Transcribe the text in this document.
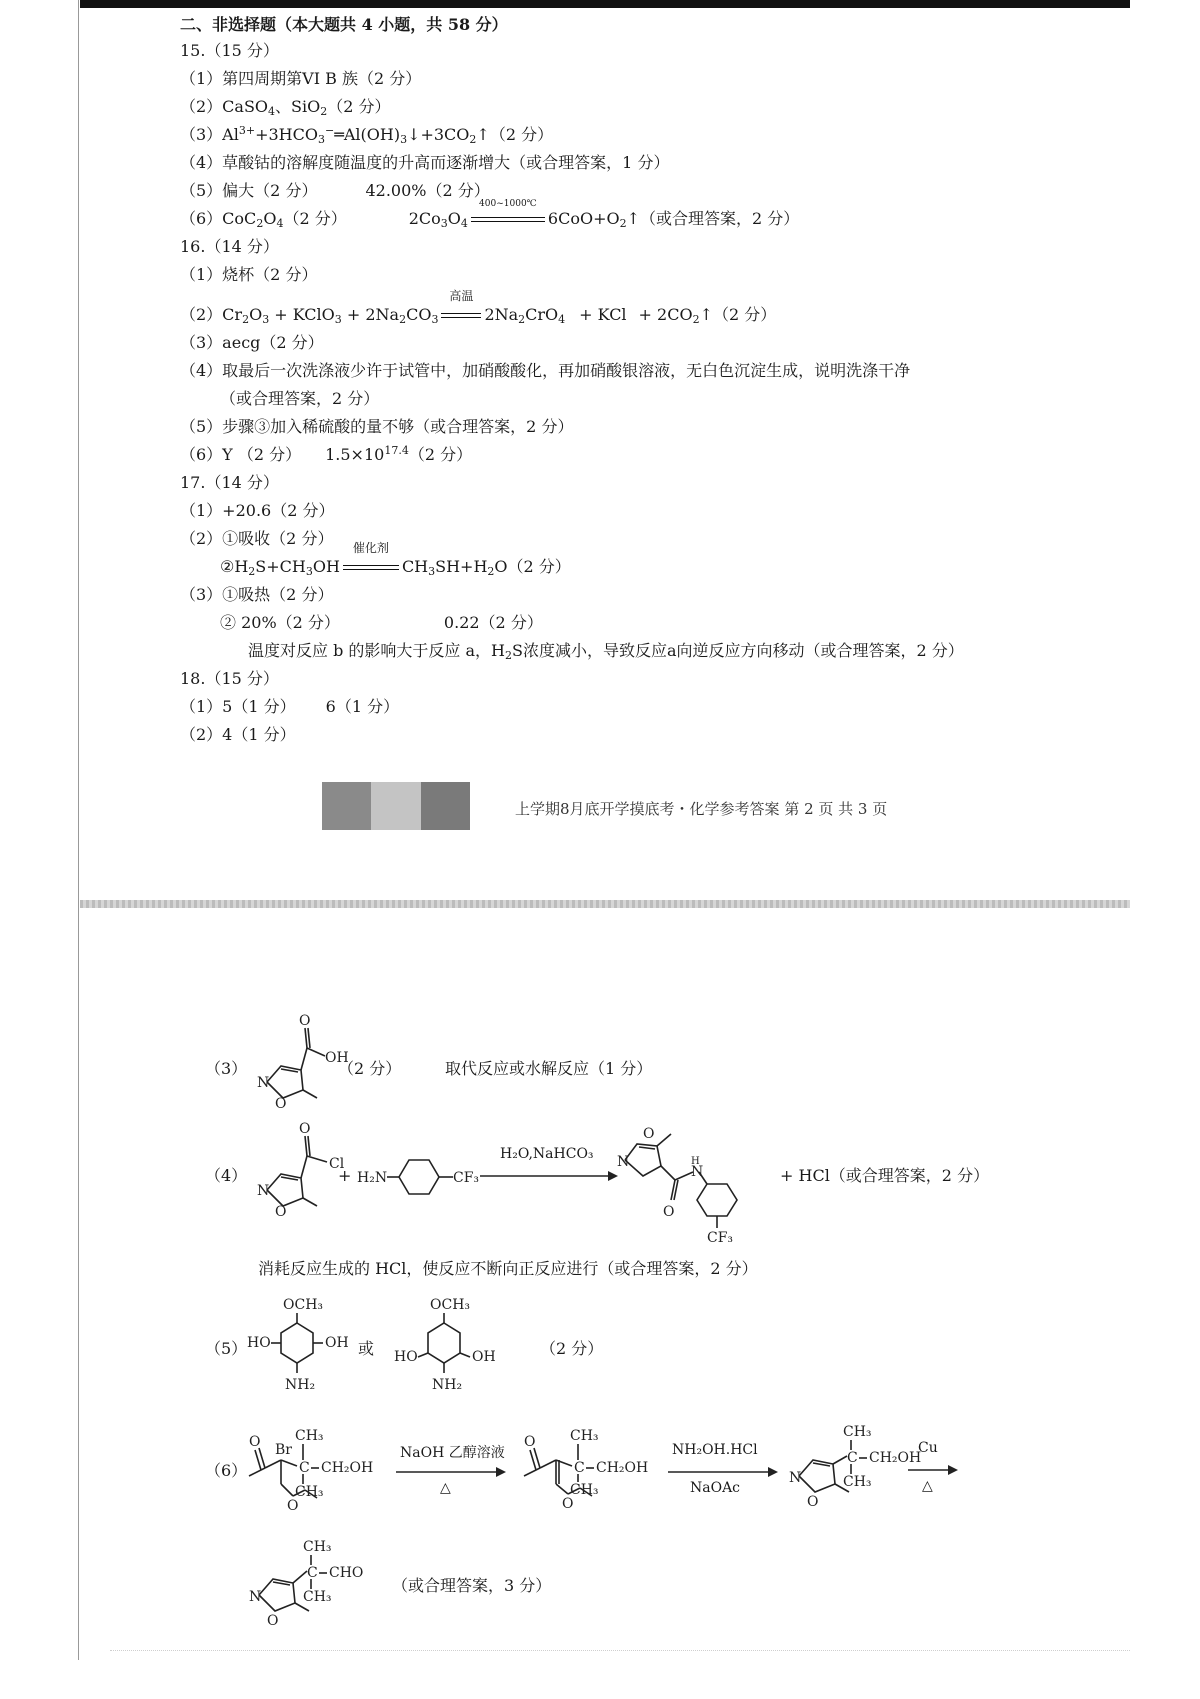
二、非选择题（本大题共 4 小题，共 58 分）
15.（15 分）
（1）第四周期第VI B 族（2 分）
（2）CaSO$_4$、SiO$_2$（2 分）
$(3)Al^{3+}+3HCO_3^-═Al(OH)_3↓+3CO_2↑(2$ 分）
（4）草酸钴的溶解度随温度的升高而逐渐增大（或合理答案，1 分）
（5）偏大（2 分）	42.00%（2 分）
$(6)CoC_2O_4(2$ 分）	$2Co_3O_4$
400~1000℃
$6CoO+O_2↑$（或合理答案，2 分）
16.（14 分）
（1）烧杯（2 分）
$(2)Cr_2O_3$ + KClO$_3$ + $2Na_2CO_3$
高温
$2Na_2CrO_4$ + KCl + $2CO_2↑(2$ 分）
（3）aecg（2 分）
（4）取最后一次洗涤液少许于试管中，加硝酸酸化，再加硝酸银溶液，无白色沉淀生成，说明洗涤干净
（或合理答案，2 分）
（5）步骤③加入稀硫酸的量不够（或合理答案，2 分）
（6）Y （2 分） $1.5\times 10^{17.4}(2$ 分）
17.（14 分）
（1）+20.6（2 分）
（2）①吸收（2 分）
$②H_2S+CH_3OH$
催化剂
$CH_3SH+H_2O(2$ 分）
（3）①吸热（2 分）
② 20%（2 分）	0.22（2 分）
温度对反应 b 的影响大于反应 a，$H_2S$浓度减小，导致反应a向逆反应方向移动（或合理答案，2 分）
18.（15 分）
（1）5（1 分） 6（1 分）
（2）4（1 分）
上学期8月底开学摸底考・化学参考答案 第 2 页 共 3 页
（3）
O
OH
N
O
（2 分）	取代反应或水解反应（1 分）
（4）
O
Cl
N
O
+ H₂N	CF₃
H₂O,NaHCO₃
O
N
O
H
N
CF₃
+ HCl（或合理答案，2 分）
消耗反应生成的 HCl，使反应不断向正反应进行（或合理答案，2 分）
（5）
OCH₃
HO	OH
NH₂
或
OCH₃
HO	OH
NH₂
（2 分）
（6）
O Br
C
CH₃
CH₃
CH₂OH
O
NaOH 乙醇溶液
△
O
C
CH₃
CH₃
CH₂OH
O
NH₂OH.HCl
NaOAc
C
CH₃
CH₃
CH₂OH
N
O
Cu
△
C
CH₃
CH₃
CHO
N
O
（或合理答案，3 分）
